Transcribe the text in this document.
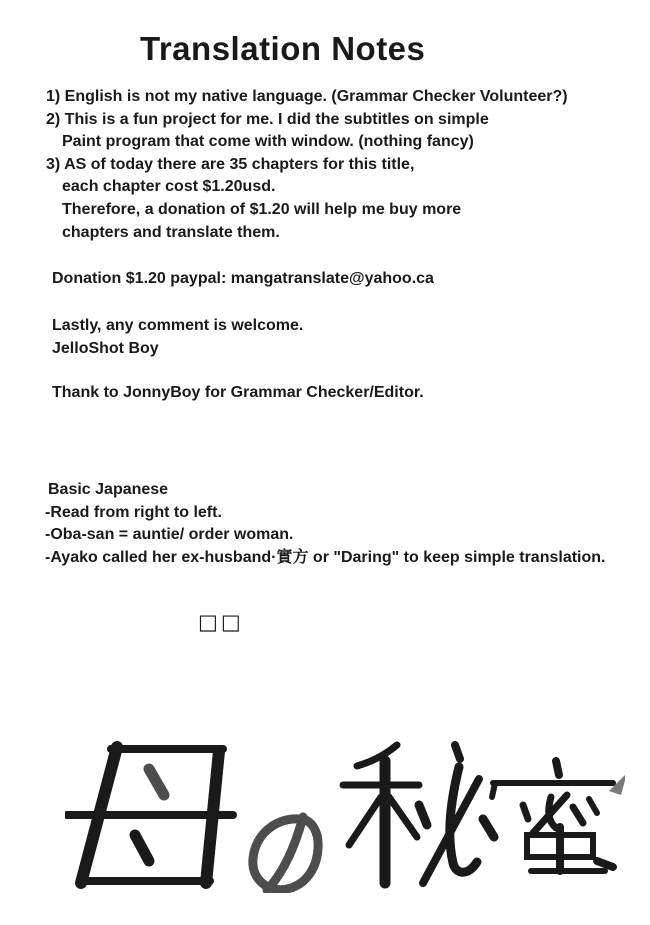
Translation Notes
1) English is not my native language. (Grammar Checker Volunteer?)
2) This is a fun project for me. I did the subtitles on simple
Paint program that come with window. (nothing fancy)
3) AS of today there are 35 chapters for this title,
each chapter cost $1.20usd.
Therefore, a donation of $1.20 will help me buy more
chapters and translate them.
Donation $1.20 paypal: mangatranslate@yahoo.ca
Lastly, any comment is welcome.
JelloShot Boy
Thank to JonnyBoy for Grammar Checker/Editor.
Basic Japanese
-Read from right to left.
-Oba-san = auntie/ order woman.
-Ayako called her ex-husband·實方 or "Daring" to keep simple translation.
□□
